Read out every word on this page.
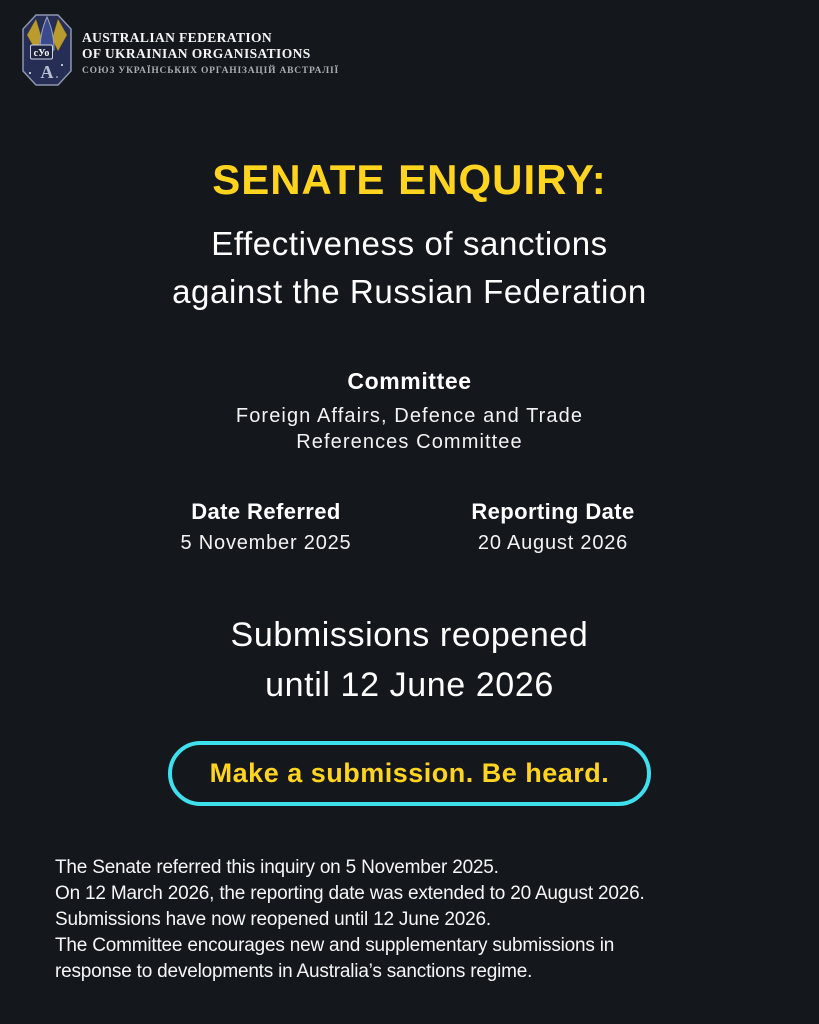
сУо
А
AUSTRALIAN FEDERATION
OF UKRAINIAN ORGANISATIONS
СОЮЗ УКРАЇНСЬКИХ ОРГАНІЗАЦІЙ АВСТРАЛІЇ
SENATE ENQUIRY:
Effectiveness of sanctions
against the Russian Federation
Committee

Foreign Affairs, Defence and Trade
References Committee

Date Referred
5 November 2025
Reporting Date
20 August 2026

Submissions reopened
until 12 June 2026

Make a submission. Be heard.

The Senate referred this inquiry on 5 November 2025.

On 12 March 2026, the reporting date was extended to 20 August 2026.

Submissions have now reopened until 12 June 2026.

The Committee encourages new and supplementary submissions in

response to developments in Australia’s sanctions regime.
